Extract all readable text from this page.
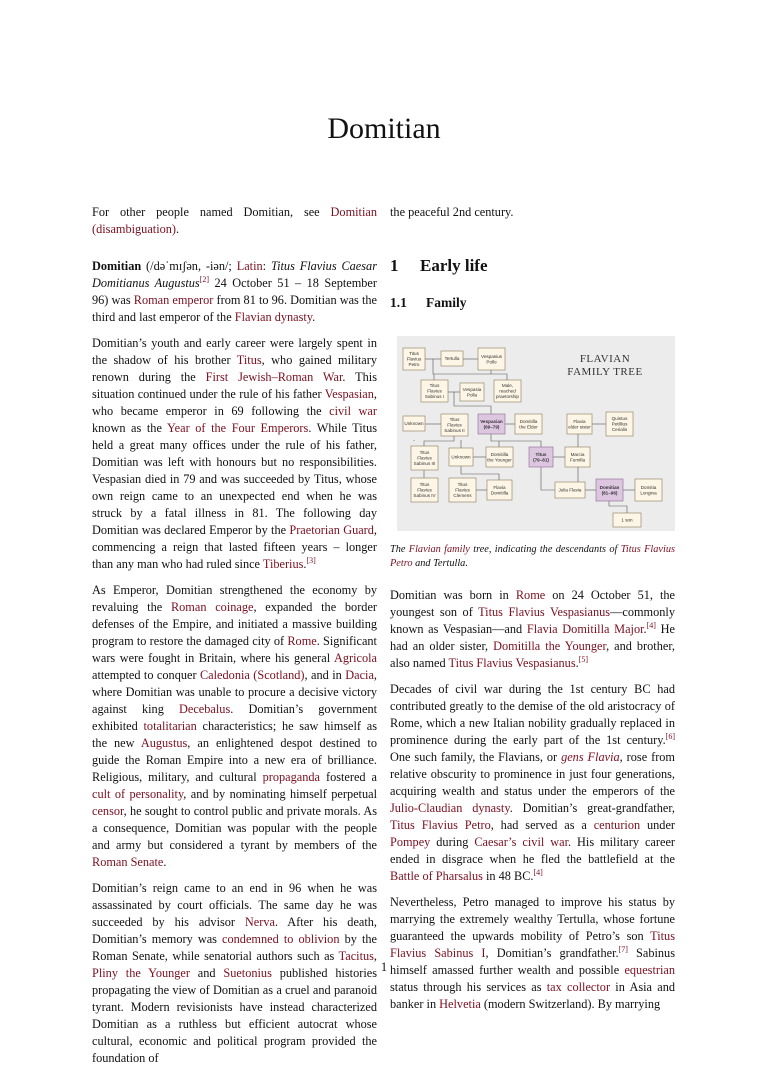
Domitian

For other people named Domitian, see Domitian (disambiguation).

Domitian (/dəˈmɪʃən, -iən/; Latin: Titus Flavius Caesar Domitianus Augustus[2] 24 October 51 – 18 September 96) was Roman emperor from 81 to 96. Domitian was the third and last emperor of the Flavian dynasty.

Domitian’s youth and early career were largely spent in the shadow of his brother Titus, who gained military renown during the First Jewish–Roman War. This situation continued under the rule of his father Vespasian, who became emperor in 69 following the civil war known as the Year of the Four Emperors. While Titus held a great many offices under the rule of his father, Domitian was left with honours but no responsibilities. Vespasian died in 79 and was succeeded by Titus, whose own reign came to an unexpected end when he was struck by a fatal illness in 81. The following day Domitian was declared Emperor by the Praetorian Guard, commencing a reign that lasted fifteen years – longer than any man who had ruled since Tiberius.[3]

As Emperor, Domitian strengthened the economy by revaluing the Roman coinage, expanded the border defenses of the Empire, and initiated a massive building program to restore the damaged city of Rome. Significant wars were fought in Britain, where his general Agricola attempted to conquer Caledonia (Scotland), and in Dacia, where Domitian was unable to procure a decisive victory against king Decebalus. Domitian’s government exhibited totalitarian characteristics; he saw himself as the new Augustus, an enlightened despot destined to guide the Roman Empire into a new era of brilliance. Religious, military, and cultural propaganda fostered a cult of personality, and by nominating himself perpetual censor, he sought to control public and private morals. As a consequence, Domitian was popular with the people and army but considered a tyrant by members of the Roman Senate.

Domitian’s reign came to an end in 96 when he was assassinated by court officials. The same day he was succeeded by his advisor Nerva. After his death, Domitian’s memory was condemned to oblivion by the Roman Senate, while senatorial authors such as Tacitus, Pliny the Younger and Suetonius published histories propagating the view of Domitian as a cruel and paranoid tyrant. Modern revisionists have instead characterized Domitian as a ruthless but efficient autocrat whose cultural, economic and political program provided the foundation of

the peaceful 2nd century.

1 Early life
1.1 Family
FLAVIAN
FAMILY TREE
Titus
Flavius
Petro
Tertulla	Vespasius
Pollo
Titus
Flavius
Sabinus I
Vespasia
Polla
Male,
reached
praetorship
Unknown
Titus
Flavius
Sabinus II
Vespasian
(69–79)
Domitilla
the Elder
Flavia
elder sister
Quintus
Petillius
Cerialis
Titus
Flavius
Sabinus III
Unknown
Domitilla
the Younger
Titus
(79–81)
Marcia
Furnilla
Titus
Flavius
Sabinus IV
Titus
Flavius
Clemens
Flavia
Domitilla
Julia Flavia
Domitian
(81–96)
Domitia
Longina
1 son

The Flavian family tree, indicating the descendants of Titus Flavius Petro and Tertulla.

Domitian was born in Rome on 24 October 51, the youngest son of Titus Flavius Vespasianus—commonly known as Vespasian—and Flavia Domitilla Major.[4] He had an older sister, Domitilla the Younger, and brother, also named Titus Flavius Vespasianus.[5]

Decades of civil war during the 1st century BC had contributed greatly to the demise of the old aristocracy of Rome, which a new Italian nobility gradually replaced in prominence during the early part of the 1st century.[6] One such family, the Flavians, or gens Flavia, rose from relative obscurity to prominence in just four generations, acquiring wealth and status under the emperors of the Julio-Claudian dynasty. Domitian’s great-grandfather, Titus Flavius Petro, had served as a centurion under Pompey during Caesar’s civil war. His military career ended in disgrace when he fled the battlefield at the Battle of Pharsalus in 48 BC.[4]

Nevertheless, Petro managed to improve his status by marrying the extremely wealthy Tertulla, whose fortune guaranteed the upwards mobility of Petro’s son Titus Flavius Sabinus I, Domitian’s grandfather.[7] Sabinus himself amassed further wealth and possible equestrian status through his services as tax collector in Asia and banker in Helvetia (modern Switzerland). By marrying

1
